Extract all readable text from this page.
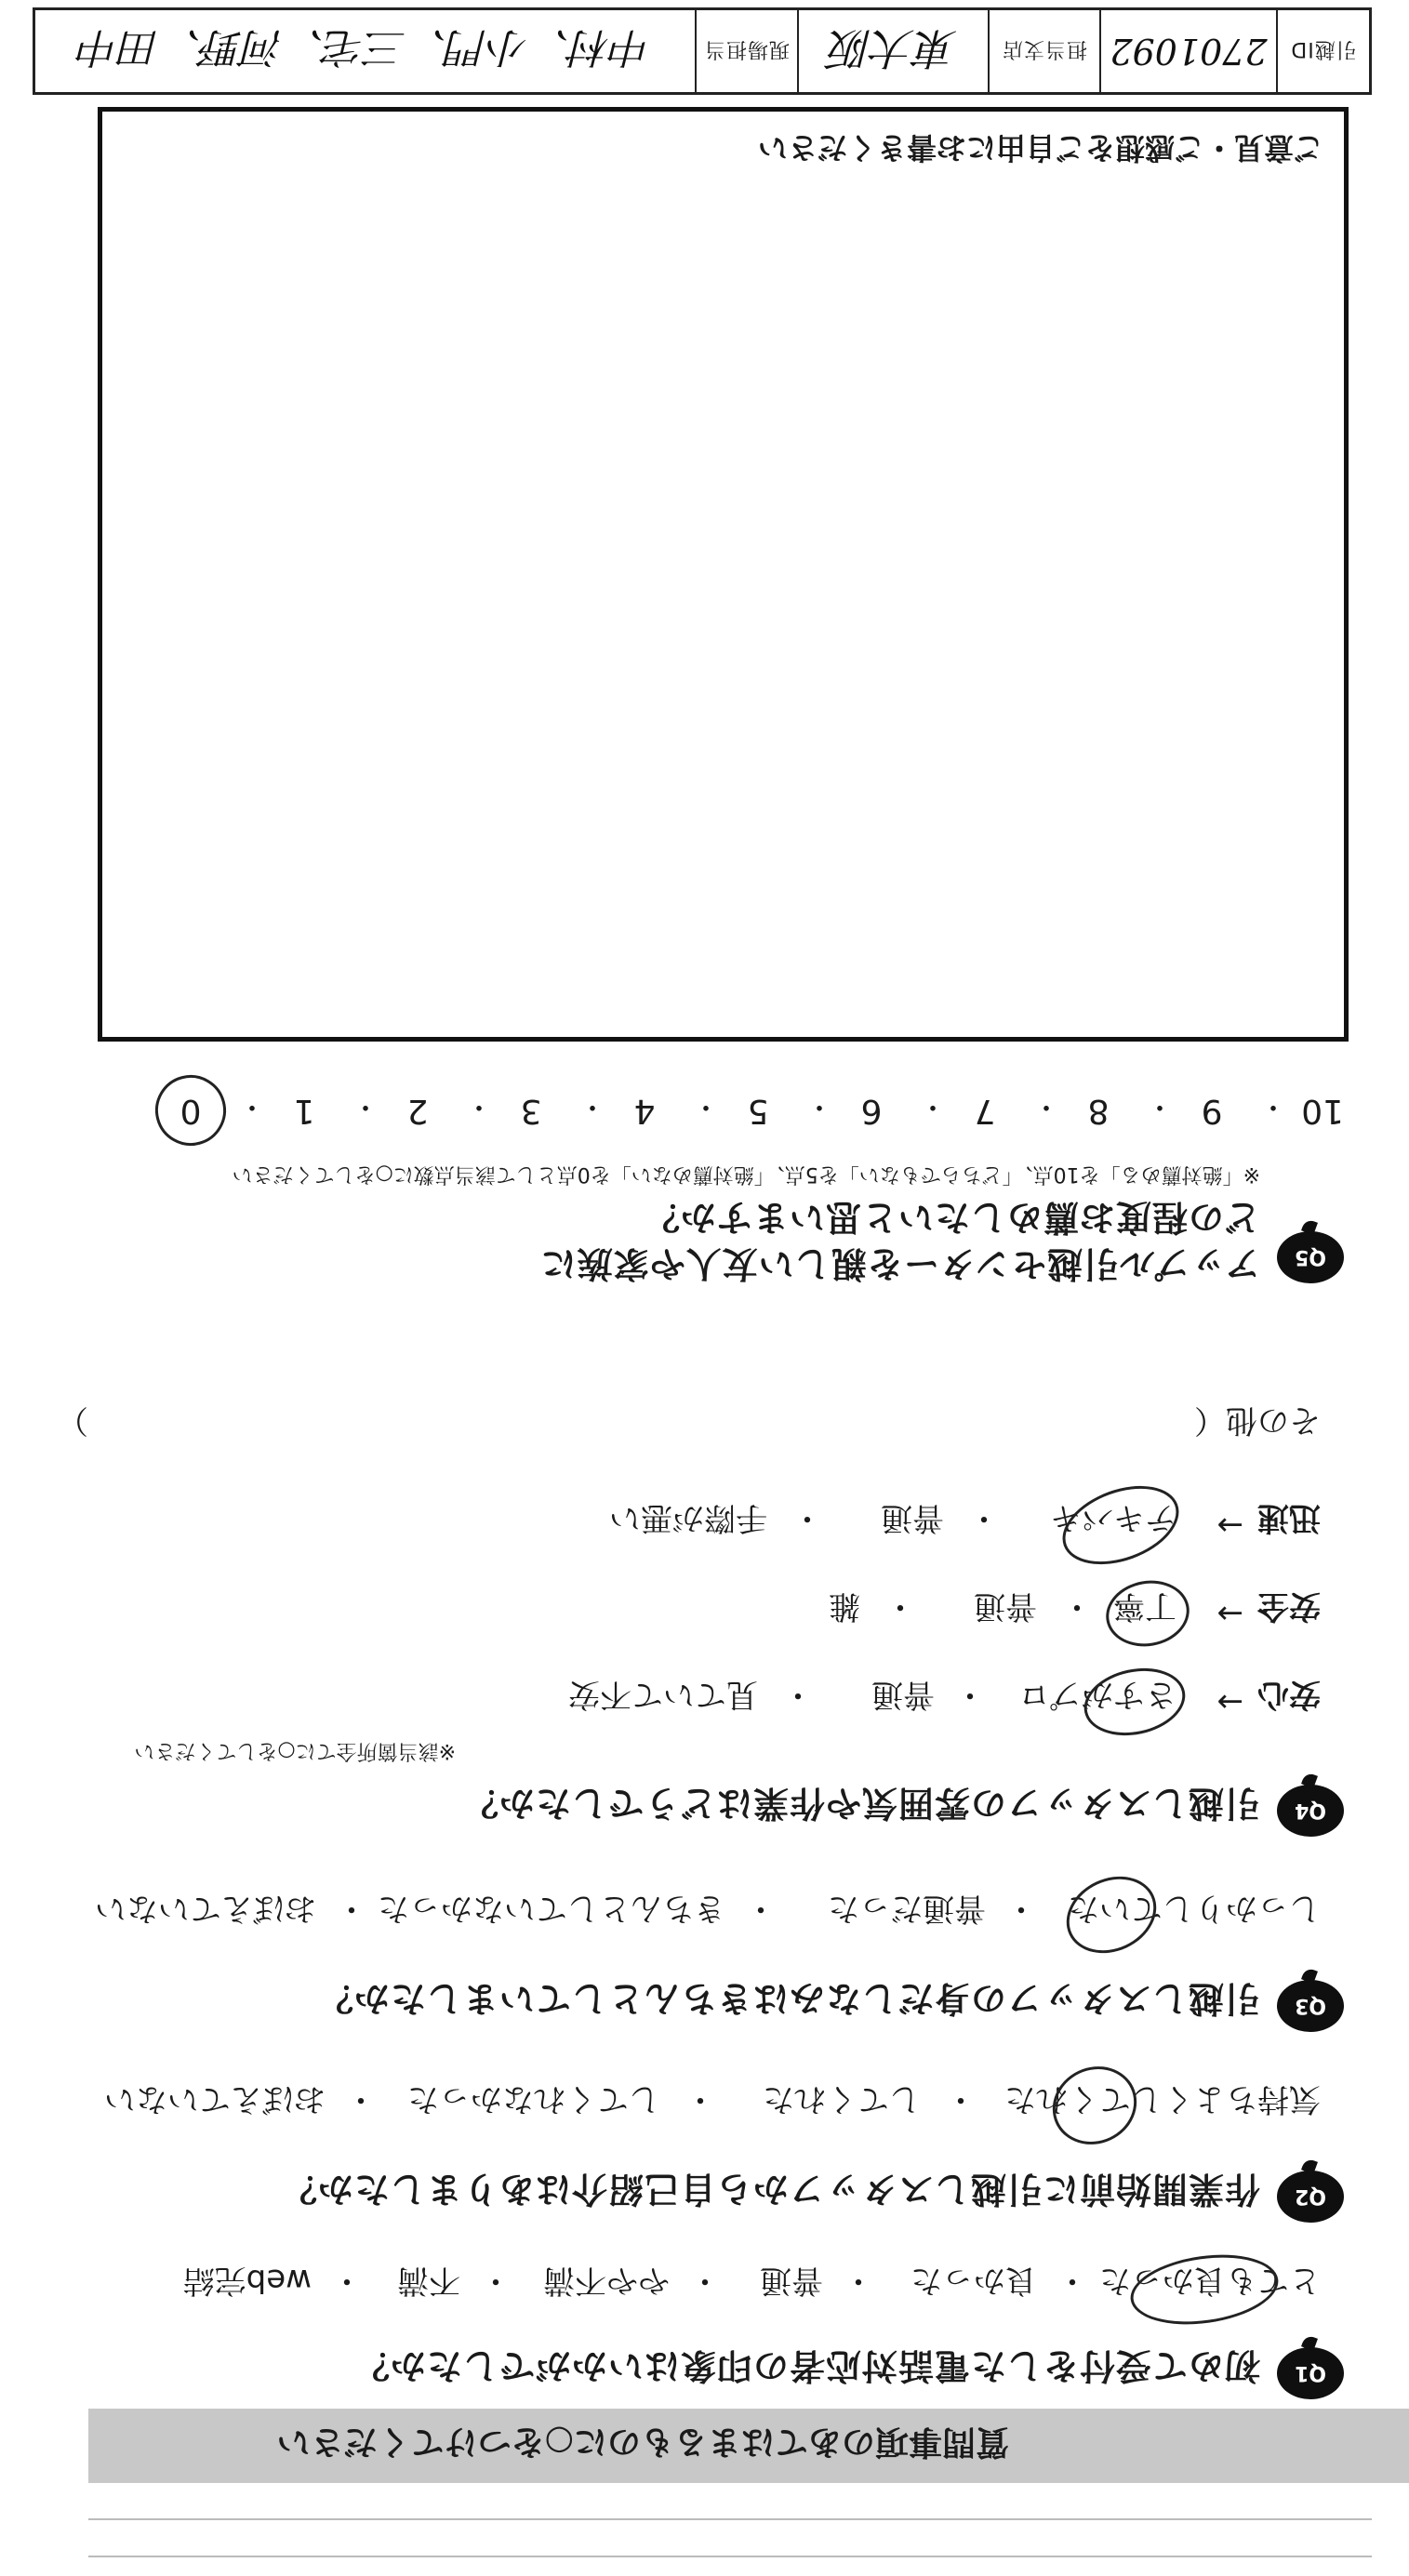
引越ID
2701092
担当支店
東大阪
現場担当
中村、小門、三宅、河野、田中
ご意見・ご感想をご自由にお書きください
10
・
9
・
8
・
7
・
6
・
5
・
4
・
3
・
2
・
1
・
0
Q5
アップル引越センターを親しい友人や家族に
どの程度お薦めしたいと思いますか？
※「絶対薦める」を10点、「どちらでもない」を5点、「絶対薦めない」を0点として該当点数に○をしてください
その他（
）
迅速
→
テキパキ
・
普通
・
手際が悪い
安全
→
丁寧
・
普通
・
雑
安心
→
さすがプロ
・
普通
・
見ていて不安
※該当箇所全てに○をしてください
引越しスタッフの雰囲気や作業はどうでしたか？	Q4
しっかりしていた
・
普通だった
・
きちんとしていなかった
・
おぼえていない
引越しスタッフの身だしなみはきちんとしていましたか？	Q3
気持ちよくしてくれた
・
してくれた
・
してくれなかった
・
おぼえていない
作業開始前に引越しスタッフから自己紹介はありましたか？	Q2
とても良かった
・
良かった
・
普通
・
やや不満
・
不満
・
web完結
初めて受付をした電話対応者の印象はいかがでしたか？	Q1
質問事項のあてはまるものに○をつけてください
